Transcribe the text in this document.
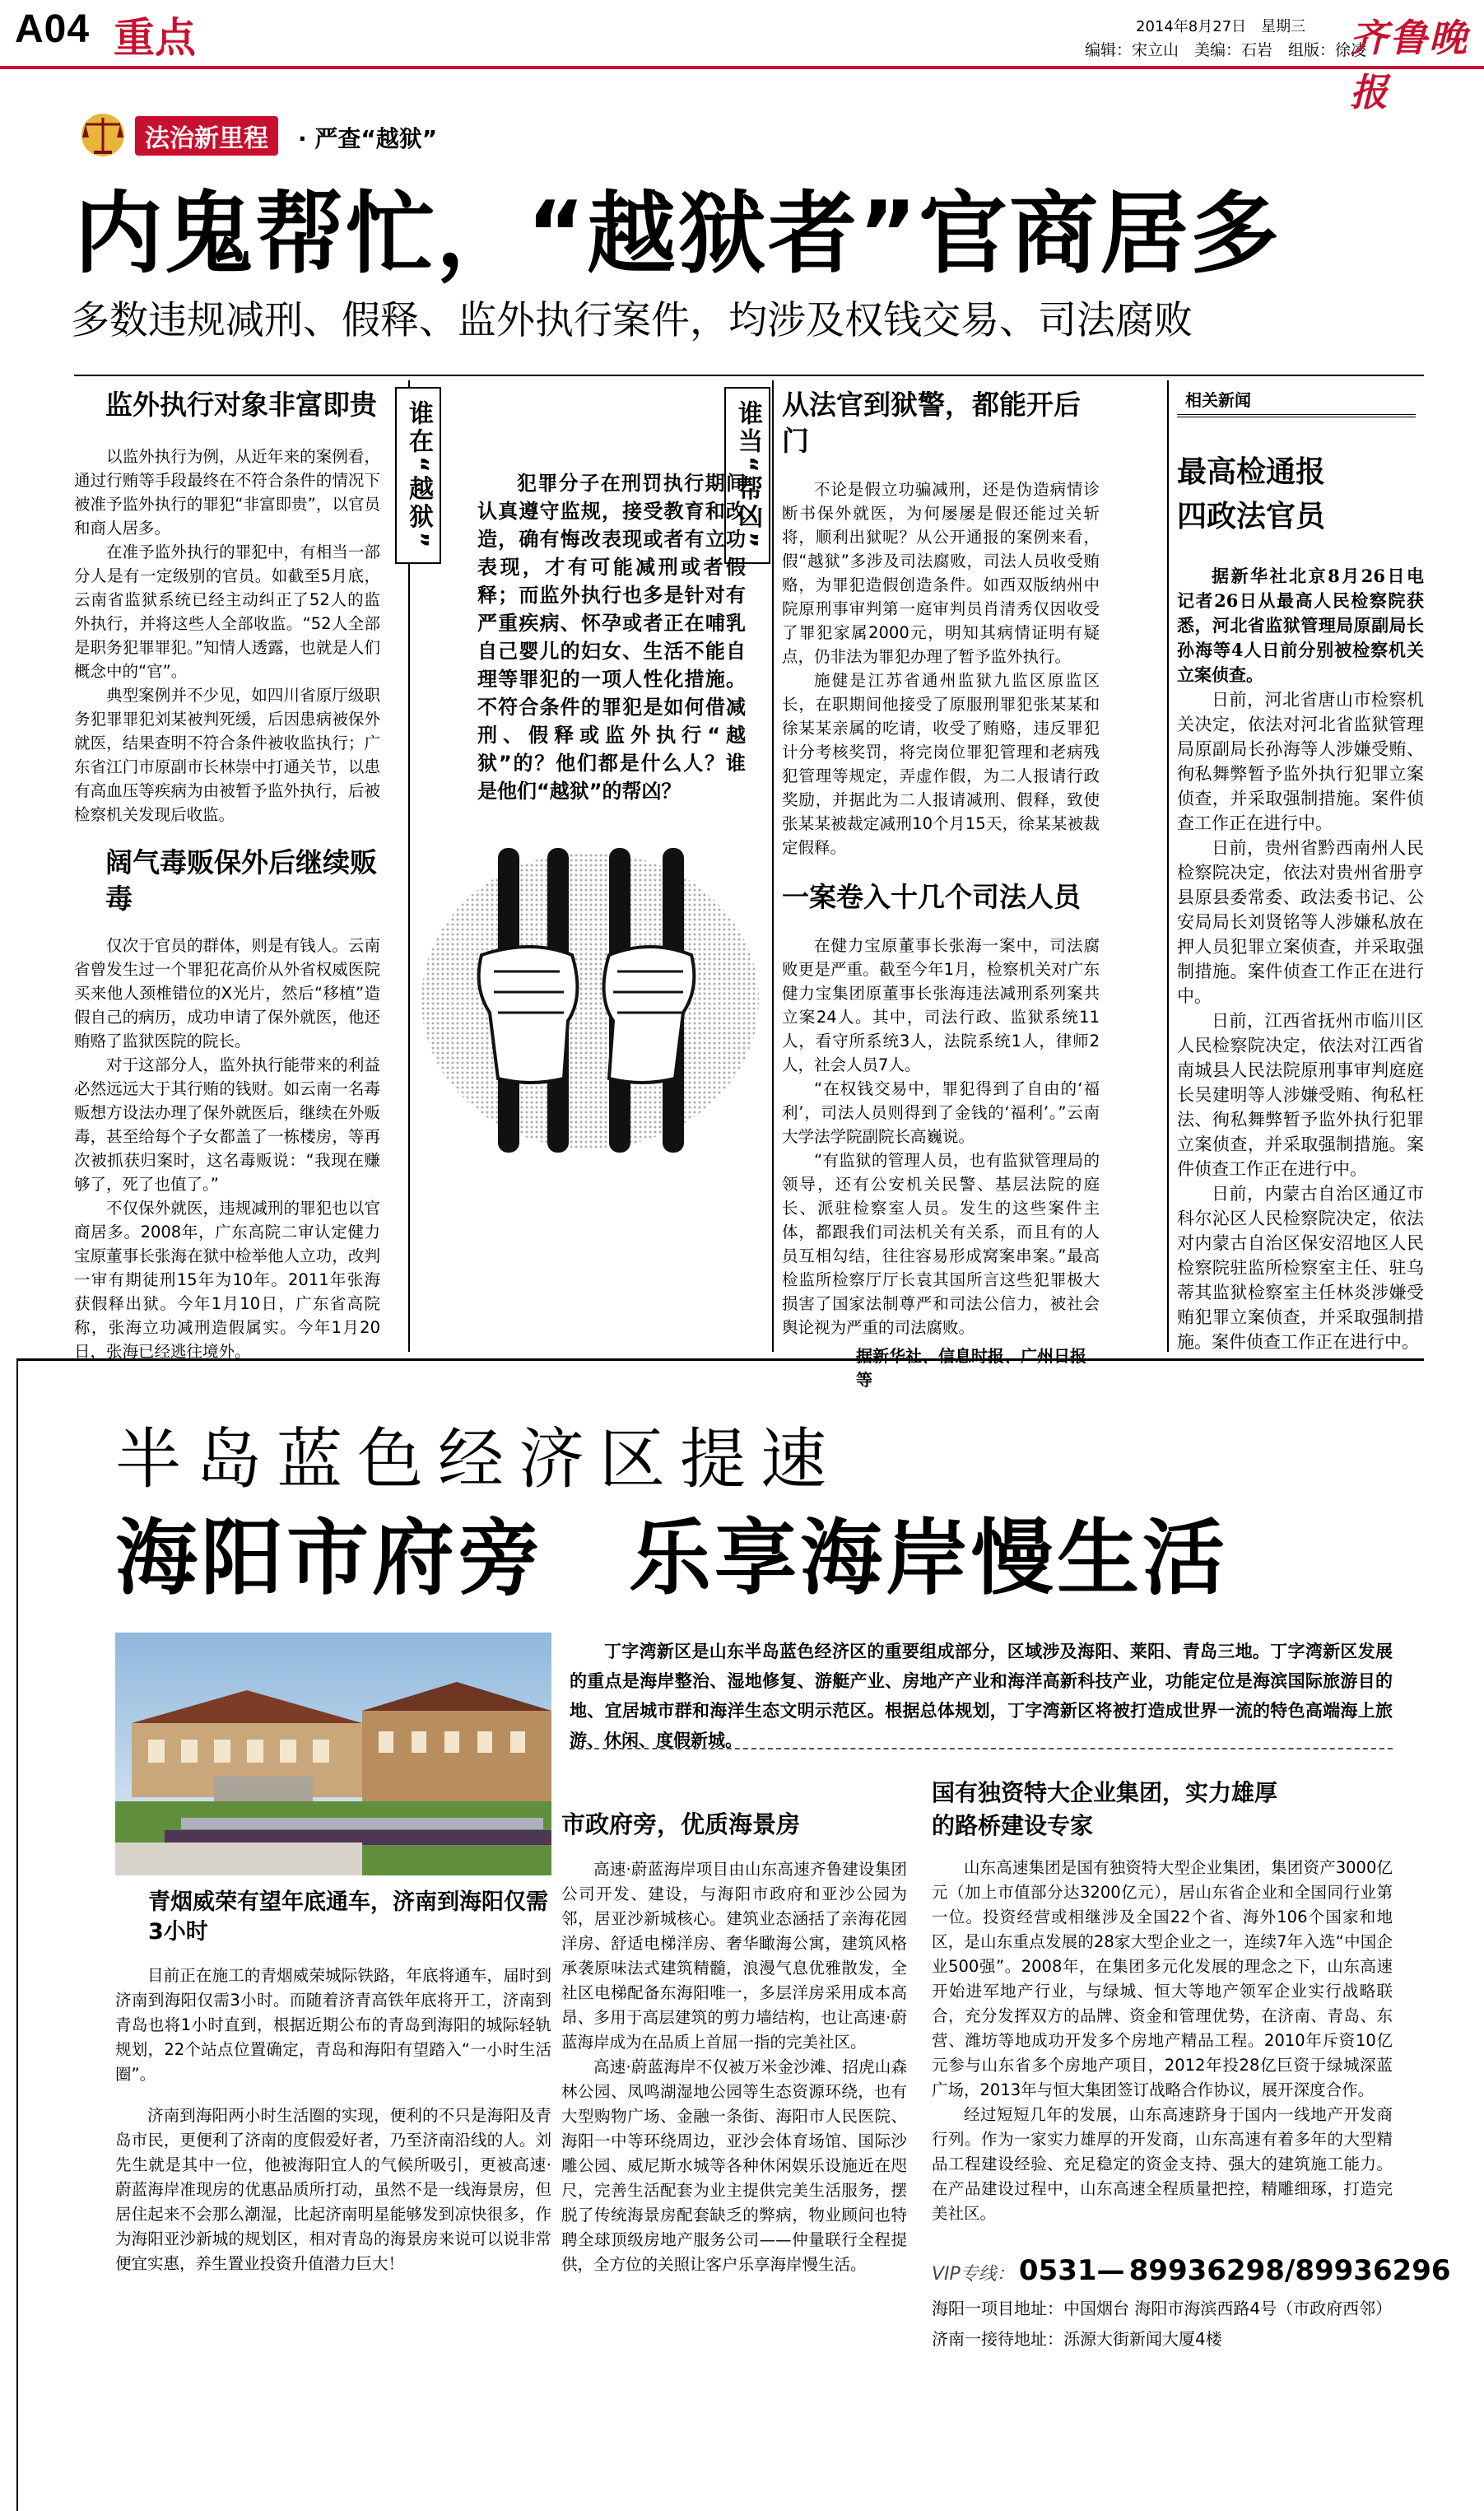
A04 重点	2014年8月27日　星期三
编辑：宋立山　美编：石岩　组版：徐凌
齐鲁晚报
法治新里程	· 严查“越狱”
内鬼帮忙，“越狱者”官商居多
多数违规减刑、假释、监外执行案件，均涉及权钱交易、司法腐败
监外执行对象非富即贵

以监外执行为例，从近年来的案例看，通过行贿等手段最终在不符合条件的情况下被准予监外执行的罪犯“非富即贵”，以官员和商人居多。

在准予监外执行的罪犯中，有相当一部分人是有一定级别的官员。如截至5月底，云南省监狱系统已经主动纠正了52人的监外执行，并将这些人全部收监。“52人全部是职务犯罪罪犯。”知情人透露，也就是人们概念中的“官”。

典型案例并不少见，如四川省原厅级职务犯罪罪犯刘某被判死缓，后因患病被保外就医，结果查明不符合条件被收监执行；广东省江门市原副市长林崇中打通关节，以患有高血压等疾病为由被暂予监外执行，后被检察机关发现后收监。

阔气毒贩保外后继续贩毒

仅次于官员的群体，则是有钱人。云南省曾发生过一个罪犯花高价从外省权威医院买来他人颈椎错位的X光片，然后“移植”造假自己的病历，成功申请了保外就医，他还贿赂了监狱医院的院长。

对于这部分人，监外执行能带来的利益必然远远大于其行贿的钱财。如云南一名毒贩想方设法办理了保外就医后，继续在外贩毒，甚至给每个子女都盖了一栋楼房，等再次被抓获归案时，这名毒贩说：“我现在赚够了，死了也值了。”

不仅保外就医，违规减刑的罪犯也以官商居多。2008年，广东高院二审认定健力宝原董事长张海在狱中检举他人立功，改判一审有期徒刑15年为10年。2011年张海获假释出狱。今年1月10日，广东省高院称，张海立功减刑造假属实。今年1月20日，张海已经逃往境外。

谁在“越狱”	谁当“帮凶”
犯罪分子在刑罚执行期间认真遵守监规，接受教育和改造，确有悔改表现或者有立功表现，才有可能减刑或者假释；而监外执行也多是针对有严重疾病、怀孕或者正在哺乳自己婴儿的妇女、生活不能自理等罪犯的一项人性化措施。不符合条件的罪犯是如何借减刑、假释或监外执行“越狱”的？他们都是什么人？谁是他们“越狱”的帮凶？
从法官到狱警，都能开后门

不论是假立功骗减刑，还是伪造病情诊断书保外就医，为何屡屡是假还能过关斩将，顺利出狱呢？从公开通报的案例来看，假“越狱”多涉及司法腐败，司法人员收受贿赂，为罪犯造假创造条件。如西双版纳州中院原刑事审判第一庭审判员肖清秀仅因收受了罪犯家属2000元，明知其病情证明有疑点，仍非法为罪犯办理了暂予监外执行。

施健是江苏省通州监狱九监区原监区长，在职期间他接受了原服刑罪犯张某某和徐某某亲属的吃请，收受了贿赂，违反罪犯计分考核奖罚，将完岗位罪犯管理和老病残犯管理等规定，弄虚作假，为二人报请行政奖励，并据此为二人报请减刑、假释，致使张某某被裁定减刑10个月15天，徐某某被裁定假释。

一案卷入十几个司法人员

在健力宝原董事长张海一案中，司法腐败更是严重。截至今年1月，检察机关对广东健力宝集团原董事长张海违法减刑系列案共立案24人。其中，司法行政、监狱系统11人，看守所系统3人，法院系统1人，律师2人，社会人员7人。

“在权钱交易中，罪犯得到了自由的‘福利’，司法人员则得到了金钱的‘福利’。”云南大学法学院副院长高巍说。

“有监狱的管理人员，也有监狱管理局的领导，还有公安机关民警、基层法院的庭长、派驻检察室人员。发生的这些案件主体，都跟我们司法机关有关系，而且有的人员互相勾结，往往容易形成窝案串案。”最高检监所检察厅厅长袁其国所言这些犯罪极大损害了国家法制尊严和司法公信力，被社会舆论视为严重的司法腐败。

据新华社、信息时报、广州日报等
相关新闻
最高检通报
四政法官员

据新华社北京8月26日电　记者26日从最高人民检察院获悉，河北省监狱管理局原副局长孙海等4人日前分别被检察机关立案侦查。

日前，河北省唐山市检察机关决定，依法对河北省监狱管理局原副局长孙海等人涉嫌受贿、徇私舞弊暂予监外执行犯罪立案侦查，并采取强制措施。案件侦查工作正在进行中。

日前，贵州省黔西南州人民检察院决定，依法对贵州省册亨县原县委常委、政法委书记、公安局局长刘贤铭等人涉嫌私放在押人员犯罪立案侦查，并采取强制措施。案件侦查工作正在进行中。

日前，江西省抚州市临川区人民检察院决定，依法对江西省南城县人民法院原刑事审判庭庭长吴建明等人涉嫌受贿、徇私枉法、徇私舞弊暂予监外执行犯罪立案侦查，并采取强制措施。案件侦查工作正在进行中。

日前，内蒙古自治区通辽市科尔沁区人民检察院决定，依法对内蒙古自治区保安沼地区人民检察院驻监所检察室主任、驻乌蒂其监狱检察室主任林炎涉嫌受贿犯罪立案侦查，并采取强制措施。案件侦查工作正在进行中。

半岛蓝色经济区提速
海阳市府旁　乐享海岸慢生活
丁字湾新区是山东半岛蓝色经济区的重要组成部分，区域涉及海阳、莱阳、青岛三地。丁字湾新区发展的重点是海岸整治、湿地修复、游艇产业、房地产产业和海洋高新科技产业，功能定位是海滨国际旅游目的地、宜居城市群和海洋生态文明示范区。根据总体规划，丁字湾新区将被打造成世界一流的特色高端海上旅游、休闲、度假新城。
青烟威荣有望年底通车，济南到海阳仅需3小时

目前正在施工的青烟威荣城际铁路，年底将通车，届时到济南到海阳仅需3小时。而随着济青高铁年底将开工，济南到青岛也将1小时直到，根据近期公布的青岛到海阳的城际轻轨规划，22个站点位置确定，青岛和海阳有望踏入“一小时生活圈”。

济南到海阳两小时生活圈的实现，便利的不只是海阳及青岛市民，更便利了济南的度假爱好者，乃至济南沿线的人。刘先生就是其中一位，他被海阳宜人的气候所吸引，更被高速·蔚蓝海岸准现房的优惠品质所打动，虽然不是一线海景房，但居住起来不会那么潮湿，比起济南明星能够发到凉快很多，作为海阳亚沙新城的规划区，相对青岛的海景房来说可以说非常便宜实惠，养生置业投资升值潜力巨大！

市政府旁，优质海景房

高速·蔚蓝海岸项目由山东高速齐鲁建设集团公司开发、建设，与海阳市政府和亚沙公园为邻，居亚沙新城核心。建筑业态涵括了亲海花园洋房、舒适电梯洋房、奢华瞰海公寓，建筑风格承袭原味法式建筑精髓，浪漫气息优雅散发，全社区电梯配备东海阳唯一，多层洋房采用成本高昂、多用于高层建筑的剪力墙结构，也让高速·蔚蓝海岸成为在品质上首屈一指的完美社区。

高速·蔚蓝海岸不仅被万米金沙滩、招虎山森林公园、凤鸣湖湿地公园等生态资源环绕，也有大型购物广场、金融一条街、海阳市人民医院、海阳一中等环绕周边，亚沙会体育场馆、国际沙雕公园、威尼斯水城等各种休闲娱乐设施近在咫尺，完善生活配套为业主提供完美生活服务，摆脱了传统海景房配套缺乏的弊病，物业顾问也特聘全球顶级房地产服务公司——仲量联行全程提供，全方位的关照让客户乐享海岸慢生活。

国有独资特大企业集团，实力雄厚的路桥建设专家

山东高速集团是国有独资特大型企业集团，集团资产3000亿元（加上市值部分达3200亿元），居山东省企业和全国同行业第一位。投资经营或相继涉及全国22个省、海外106个国家和地区，是山东重点发展的28家大型企业之一，连续7年入选“中国企业500强”。2008年，在集团多元化发展的理念之下，山东高速开始进军地产行业，与绿城、恒大等地产领军企业实行战略联合，充分发挥双方的品牌、资金和管理优势，在济南、青岛、东营、潍坊等地成功开发多个房地产精品工程。2010年斥资10亿元参与山东省多个房地产项目，2012年投28亿巨资于绿城深蓝广场，2013年与恒大集团签订战略合作协议，展开深度合作。

经过短短几年的发展，山东高速跻身于国内一线地产开发商行列。作为一家实力雄厚的开发商，山东高速有着多年的大型精品工程建设经验、充足稳定的资金支持、强大的建筑施工能力。在产品建设过程中，山东高速全程质量把控，精雕细琢，打造完美社区。

VIP专线： 0531— 89936298/89936296
海阳一项目地址：中国烟台 海阳市海滨西路4号（市政府西邻）
济南一接待地址：泺源大街新闻大厦4楼
